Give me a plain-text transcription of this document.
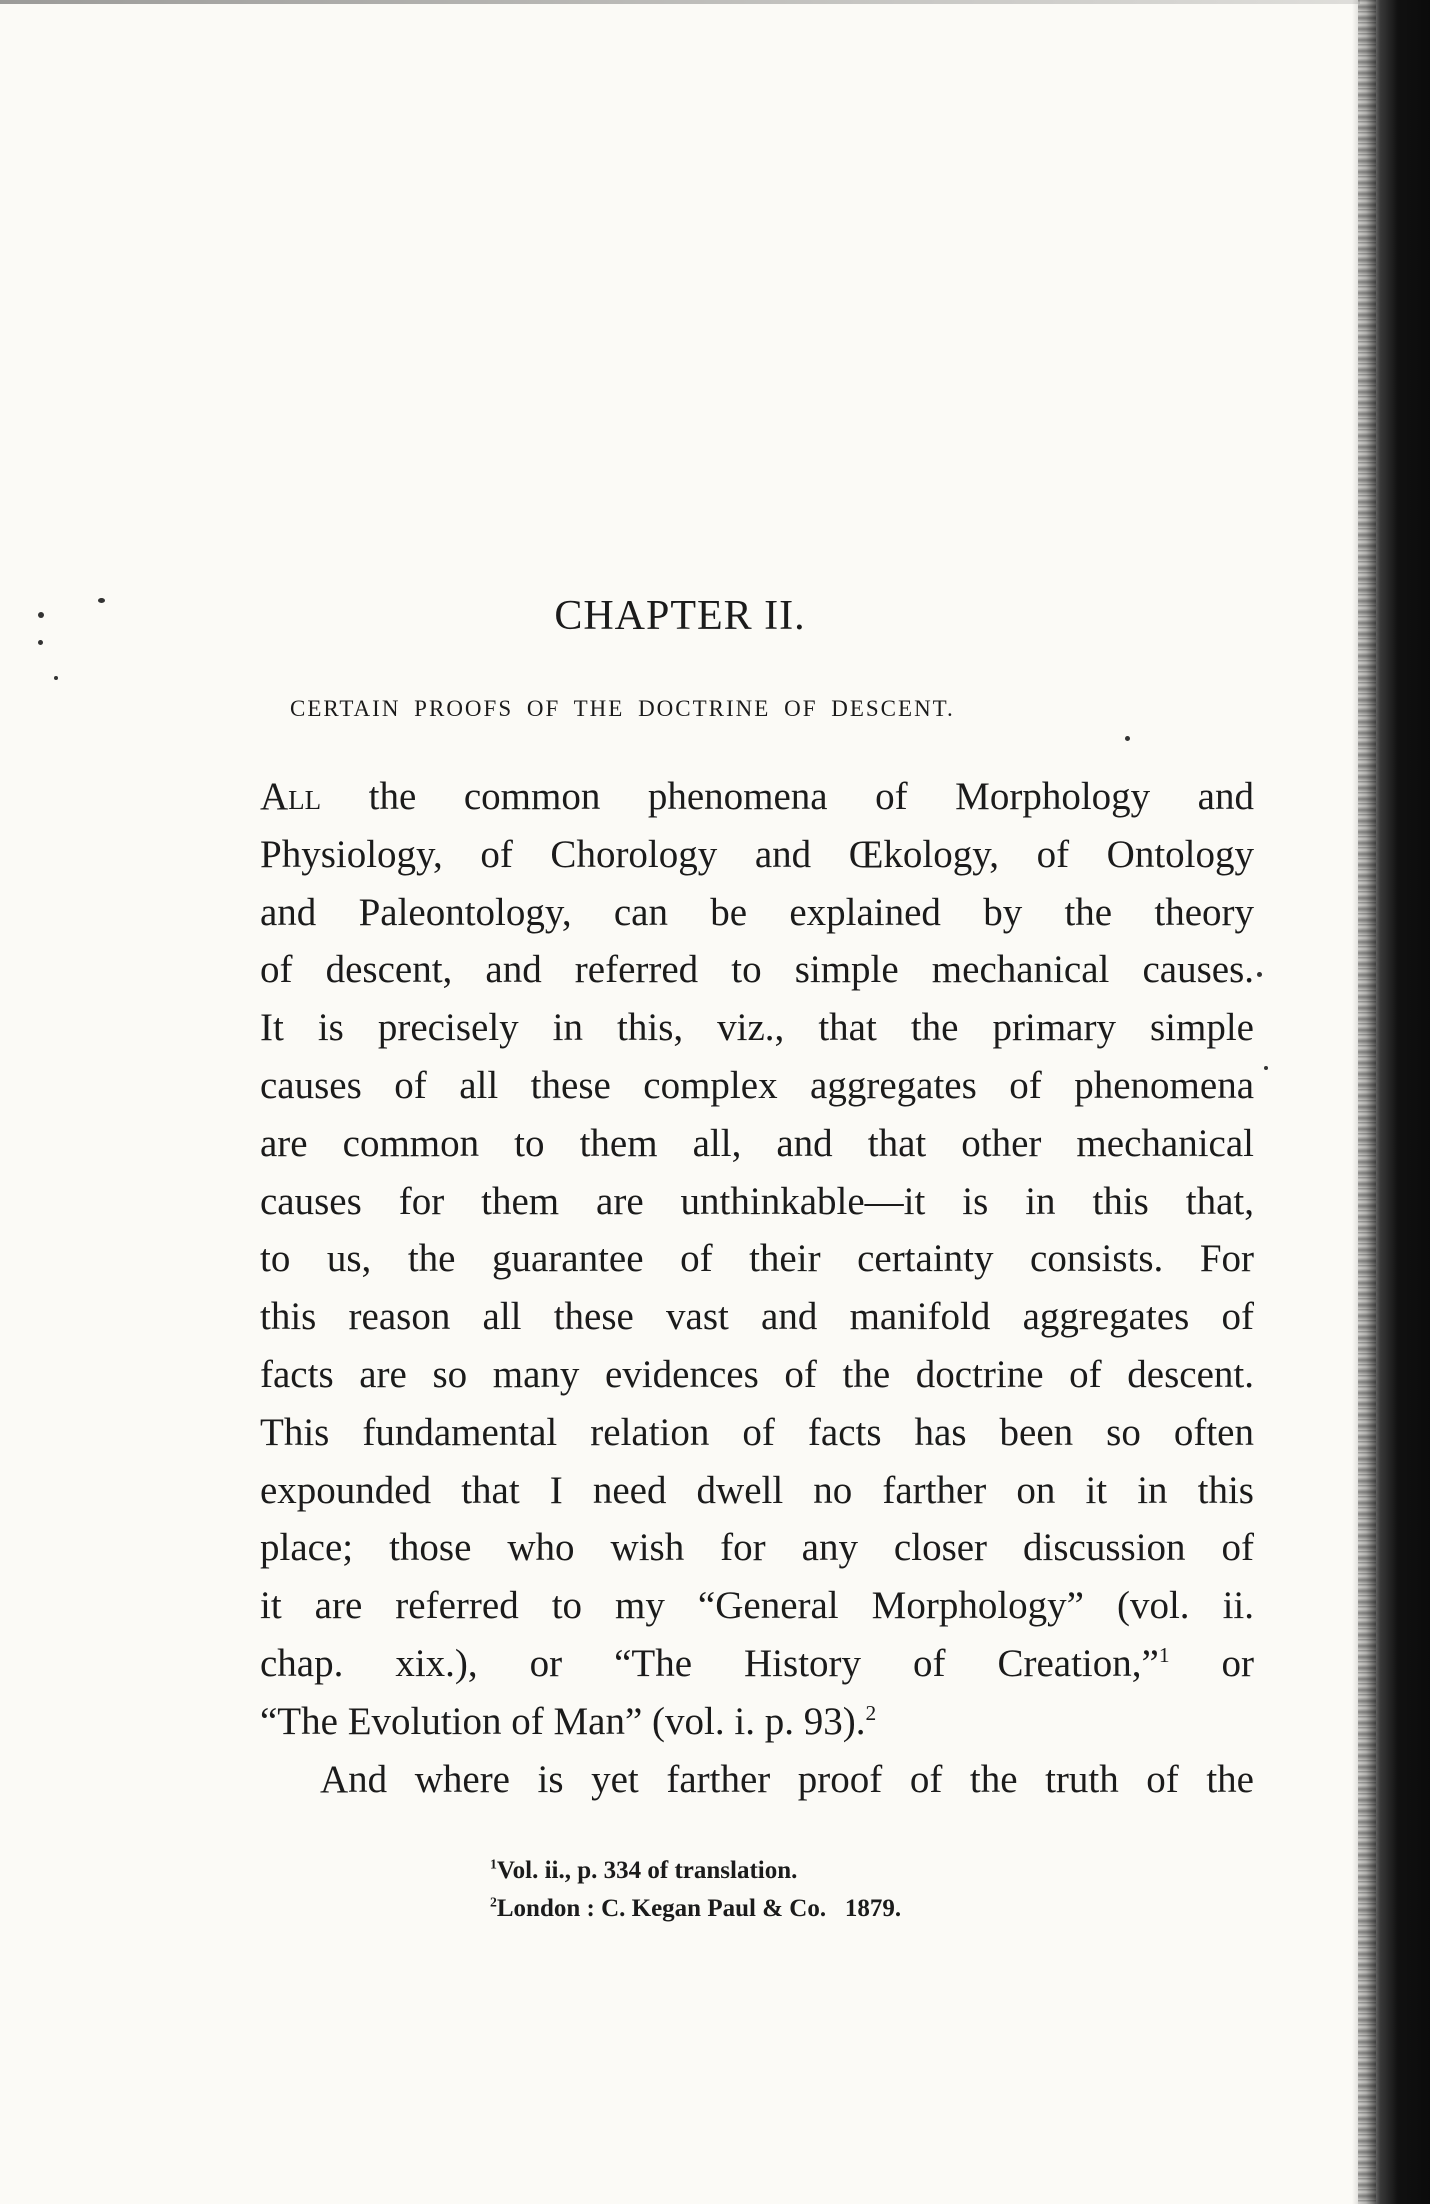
CHAPTER II.
CERTAIN PROOFS OF THE DOCTRINE OF DESCENT.

All the common phenomena of Morphology and

Physiology, of Chorology and Œkology, of Ontology

and Paleontology, can be explained by the theory

of descent, and referred to simple mechanical causes.

It is precisely in this, viz., that the primary simple

causes of all these complex aggregates of phenomena

are common to them all, and that other mechanical

causes for them are unthinkable—it is in this that,

to us, the guarantee of their certainty consists. For

this reason all these vast and manifold aggregates of

facts are so many evidences of the doctrine of descent.

This fundamental relation of facts has been so often

expounded that I need dwell no farther on it in this

place; those who wish for any closer discussion of

it are referred to my “General Morphology” (vol. ii.

chap. xix.), or “The History of Creation,”$^1$ or

“The Evolution of Man” (vol. i. p. 93).$^2$

And where is yet farther proof of the truth of the

$^1$Vol. ii., p. 334 of translation.
$^2$London : C. Kegan Paul & Co.   1879.
